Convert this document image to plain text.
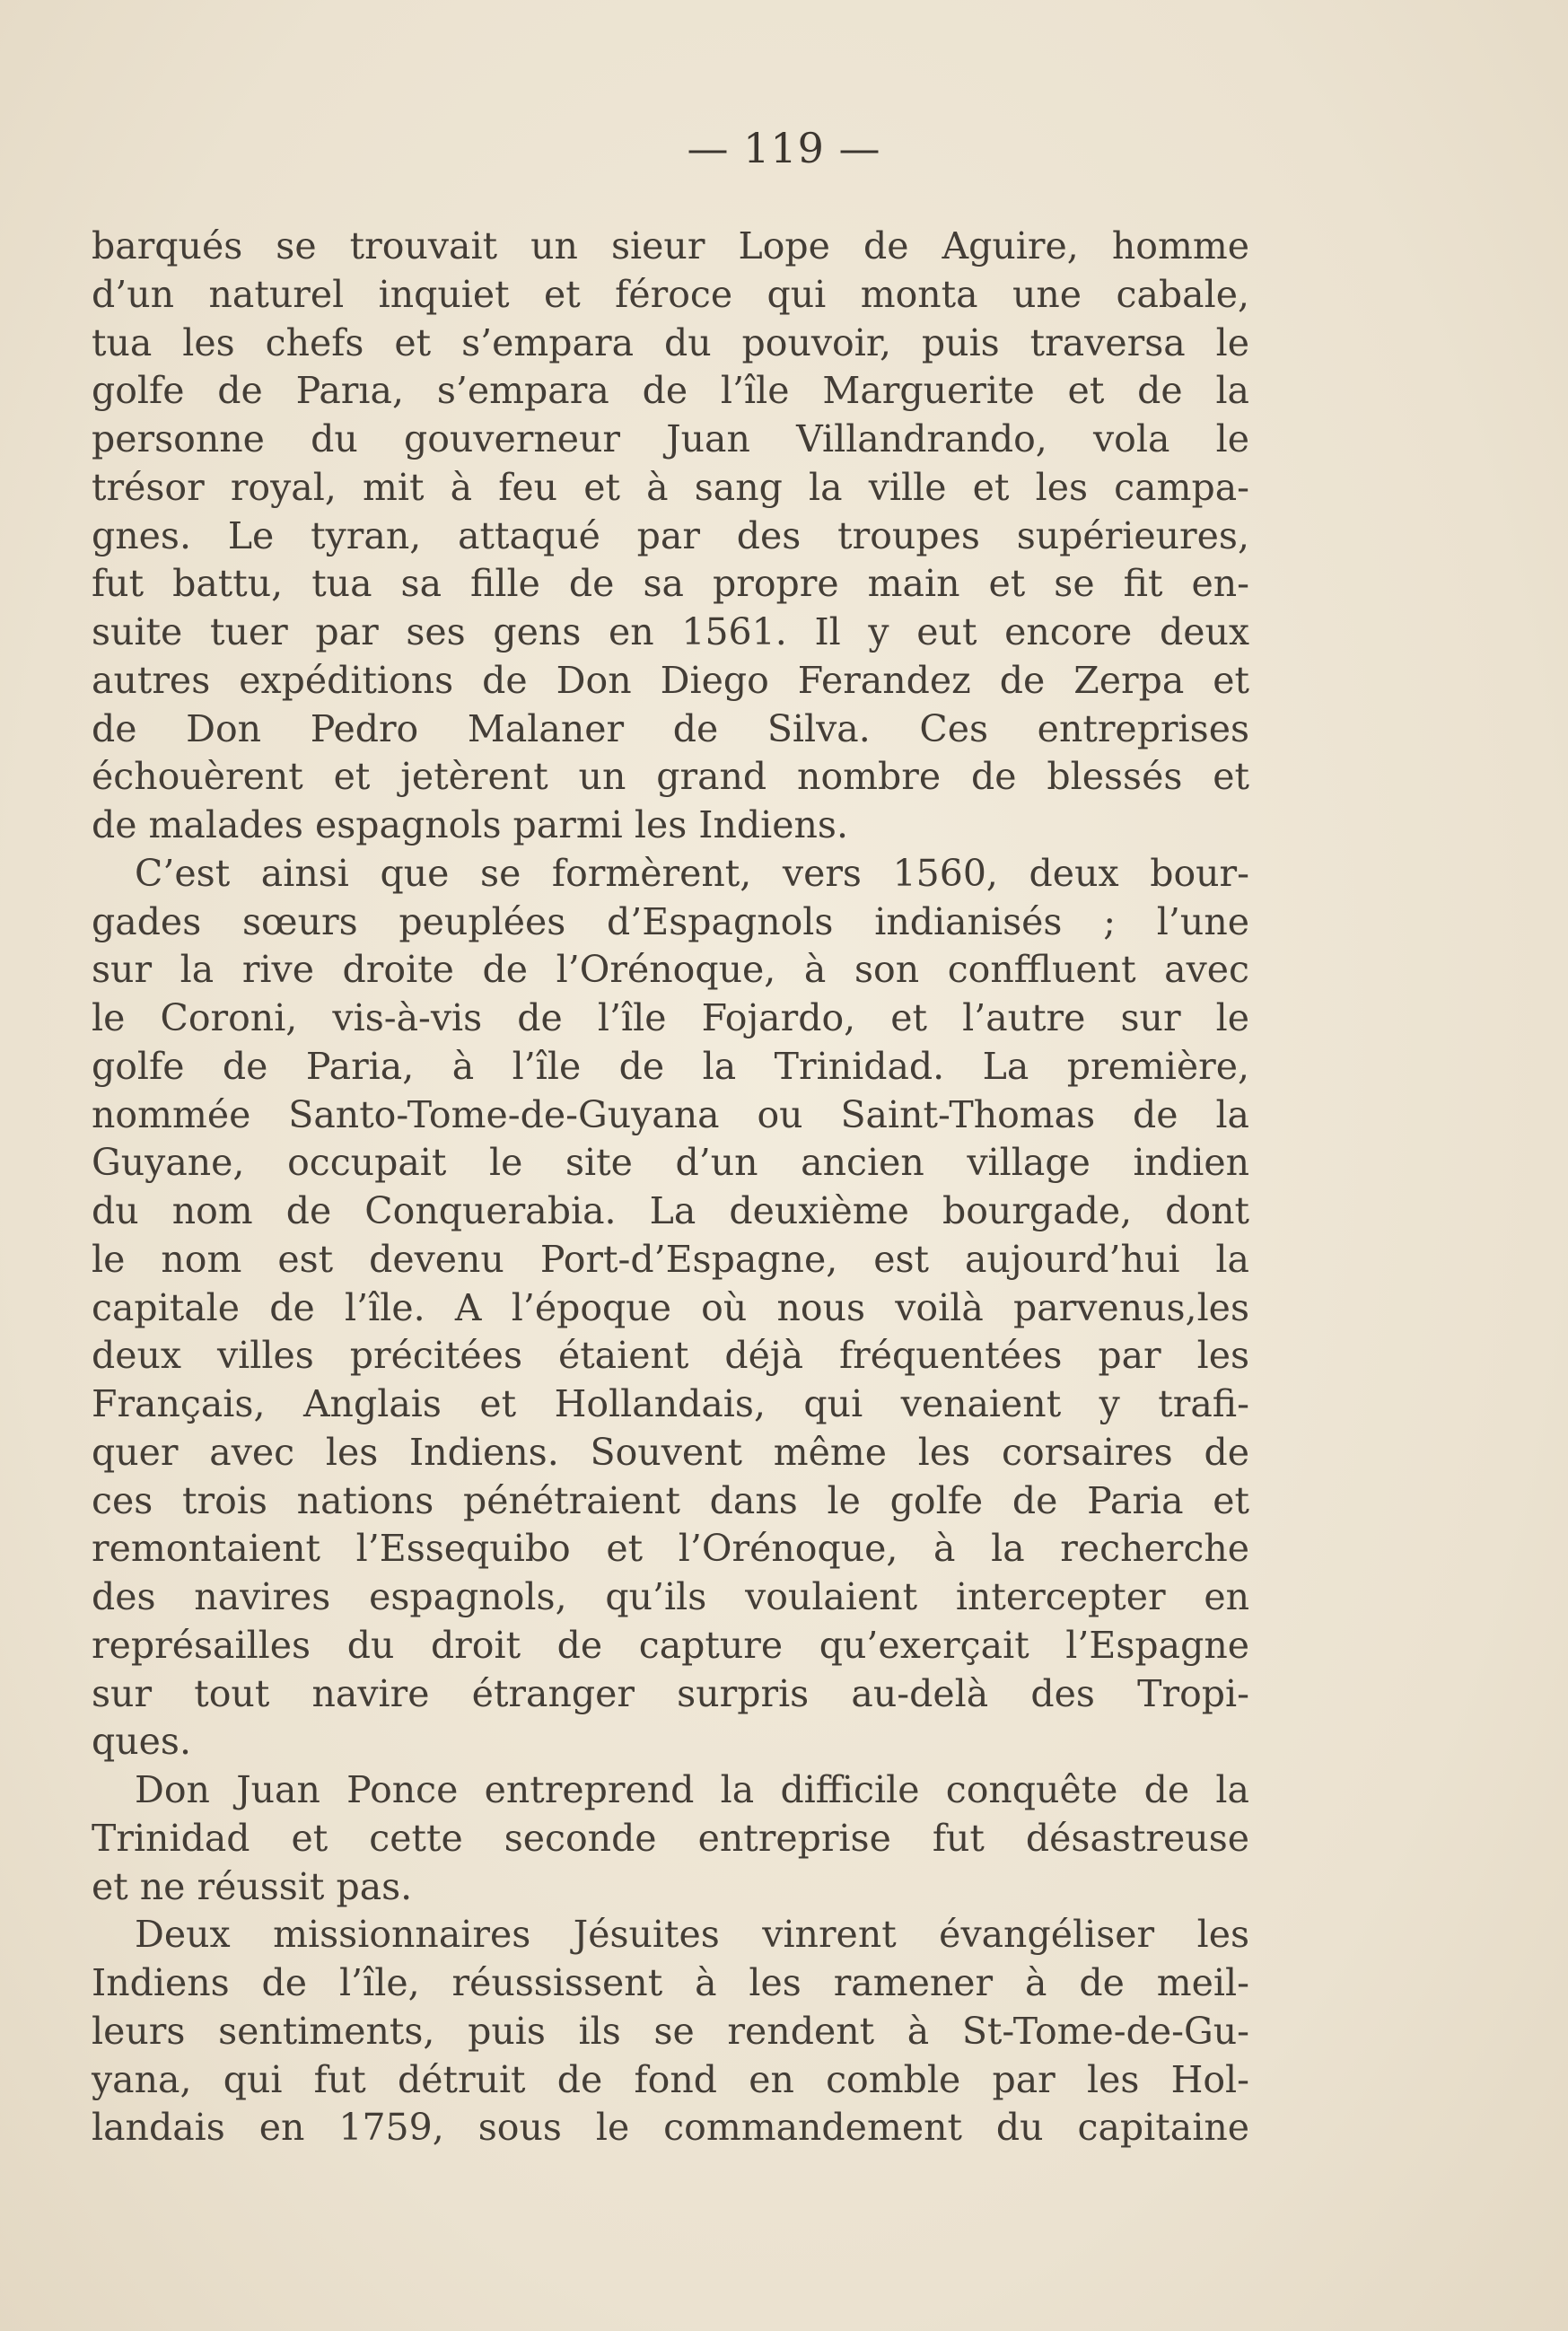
— 119 —
barqués se trouvait un sieur Lope de Aguire, homme
d’un naturel inquiet et féroce qui monta une cabale,
tua les chefs et s’empara du pouvoir, puis traversa le
golfe de Parıa, s’empara de l’île Marguerite et de la
personne du gouverneur Juan Villandrando, vola le
trésor royal, mit à feu et à sang la ville et les campa-
gnes. Le tyran, attaqué par des troupes supérieures,
fut battu, tua sa fille de sa propre main et se fit en-
suite tuer par ses gens en 1561. Il y eut encore deux
autres expéditions de Don Diego Ferandez de Zerpa et
de Don Pedro Malaner de Silva. Ces entreprises
échouèrent et jetèrent un grand nombre de blessés et
de malades espagnols parmi les Indiens.
C’est ainsi que se formèrent, vers 1560, deux bour-
gades sœurs peuplées d’Espagnols indianisés ; l’une
sur la rive droite de l’Orénoque, à son conffluent avec
le Coroni, vis-à-vis de l’île Fojardo, et l’autre sur le
golfe de Paria, à l’île de la Trinidad. La première,
nommée Santo-Tome-de-Guyana ou Saint-Thomas de la
Guyane, occupait le site d’un ancien village indien
du nom de Conquerabia. La deuxième bourgade, dont
le nom est devenu Port-d’Espagne, est aujourd’hui la
capitale de l’île. A l’époque où nous voilà parvenus,les
deux villes précitées étaient déjà fréquentées par les
Français, Anglais et Hollandais, qui venaient y trafi-
quer avec les Indiens. Souvent même les corsaires de
ces trois nations pénétraient dans le golfe de Paria et
remontaient l’Essequibo et l’Orénoque, à la recherche
des navires espagnols, qu’ils voulaient intercepter en
représailles du droit de capture qu’exerçait l’Espagne
sur tout navire étranger surpris au-delà des Tropi-
ques.
Don Juan Ponce entreprend la difficile conquête de la
Trinidad et cette seconde entreprise fut désastreuse
et ne réussit pas.
Deux missionnaires Jésuites vinrent évangéliser les
Indiens de l’île, réussissent à les ramener à de meil-
leurs sentiments, puis ils se rendent à St-Tome-de-Gu-
yana, qui fut détruit de fond en comble par les Hol-
landais en 1759, sous le commandement du capitaine
